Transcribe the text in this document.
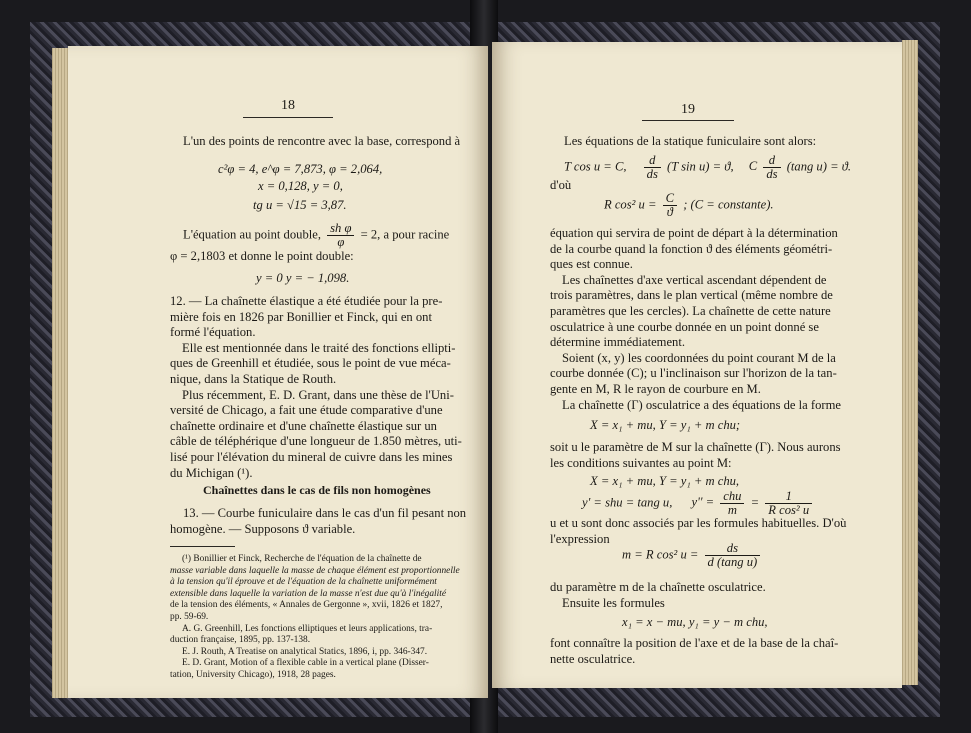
18
L'un des points de rencontre avec la base, correspond à
c²φ = 4, e^φ = 7,873, φ = 2,064,
x = 0,128, y = 0,
tg u = √15 = 3,87.
L'équation au point double, $\frac{\text{sh φ}}{\varphi} = 2$, a pour racine
φ = 2,1803 et donne le point double:
y = 0 y = − 1,098.
12. — La chaînette élastique a été étudiée pour la pre-
mière fois en 1826 par Bonillier et Finck, qui en ont
formé l'équation.
Elle est mentionnée dans le traité des fonctions ellipti-
ques de Greenhill et étudiée, sous le point de vue méca-
nique, dans la Statique de Routh.
Plus récemment, E. D. Grant, dans une thèse de l'Uni-
versité de Chicago, a fait une étude comparative d'une
chaînette ordinaire et d'une chaînette élastique sur un
câble de téléphérique d'une longueur de 1.850 mètres, uti-
lisé pour l'élévation du mineral de cuivre dans les mines
du Michigan (¹).
Chaînettes dans le cas de fils non homogènes
13. — Courbe funiculaire dans le cas d'un fil pesant non
homogène. — Supposons ϑ variable.
(¹) Bonillier et Finck, Recherche de l'équation de la chaînette de
masse variable dans laquelle la masse de chaque élément est proportionnelle
à la tension qu'il éprouve et de l'équation de la chaînette uniformément
extensible dans laquelle la variation de la masse n'est due qu'à l'inégalité
de la tension des éléments, « Annales de Gergonne », xvii, 1826 et 1827,
pp. 59-69.
A. G. Greenhill, Les fonctions elliptiques et leurs applications, tra-
duction française, 1895, pp. 137-138.
E. J. Routh, A Treatise on analytical Statics, 1896, i, pp. 346-347.
E. D. Grant, Motion of a flexible cable in a vertical plane (Disser-
tation, University Chicago), 1918, 28 pages.
19
Les équations de la statique funiculaire sont alors:
T cos u = C, $\frac{d}{ds} (T$ sin u) = ϑ, C $\frac{d}{ds} (\tan g$ u) = ϑ.
d'où
R cos² $u = \frac{C}{ϑ}$ ; (C = constante).
équation qui servira de point de départ à la détermination
de la courbe quand la fonction ϑ des éléments géométri-
ques est connue.
Les chaînettes d'axe vertical ascendant dépendent de
trois paramètres, dans le plan vertical (même nombre de
paramètres que les cercles). La chaînette de cette nature
osculatrice à une courbe donnée en un point donné se
détermine immédiatement.
Soient (x, y) les coordonnées du point courant M de la
courbe donnée (C); u l'inclinaison sur l'horizon de la tan-
gente en M, R le rayon de courbure en M.
La chaînette (Γ) osculatrice a des équations de la forme
X = x₁ + mu, Y = y₁ + m chu;
soit u le paramètre de M sur la chaînette (Γ). Nous aurons
les conditions suivantes au point M:
X = x₁ + mu, Y = y₁ + m chu,
y' = shu = tang u, $y'' = \frac{\text{chu}}{m} = \frac{1}{\text{R cos² u}}$
u et u sont donc associés par les formules habituelles. D'où
l'expression
m = R cos² $u = \frac{ds}{\text{d (tang u)}}$
du paramètre m de la chaînette osculatrice.
Ensuite les formules
x₁ = x − mu, y₁ = y − m chu,
font connaître la position de l'axe et de la base de la chaî-
nette osculatrice.
